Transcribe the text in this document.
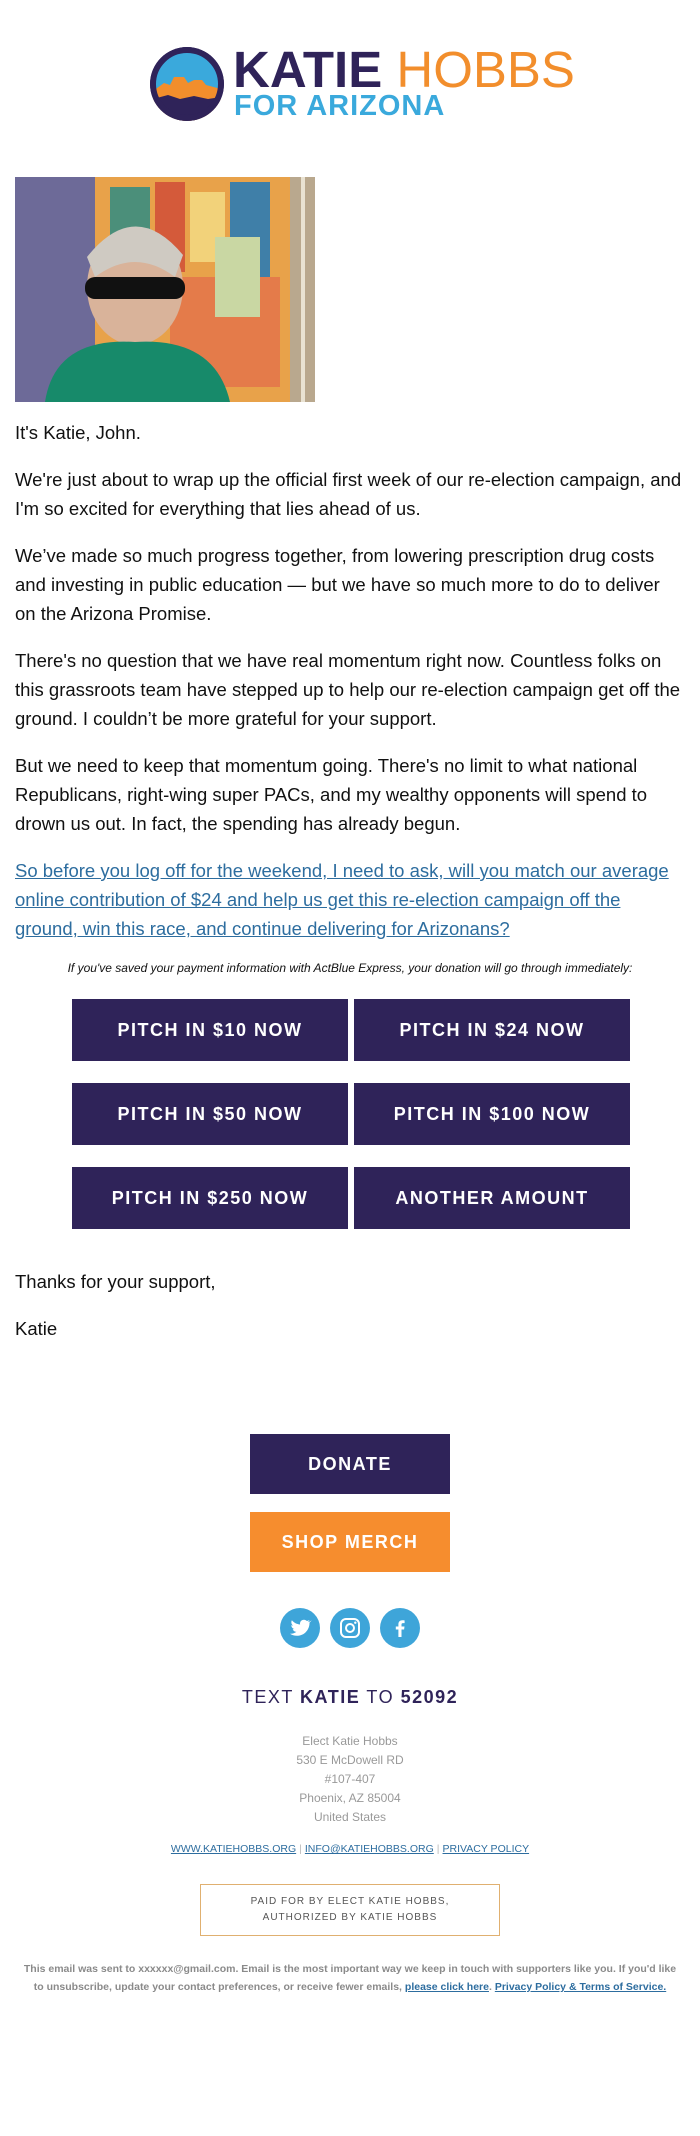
KATIE HOBBS
FOR ARIZONA

It's Katie, John.

We're just about to wrap up the official first week of our re-election campaign, and I'm so excited for everything that lies ahead of us.

We’ve made so much progress together, from lowering prescription drug costs and investing in public education — but we have so much more to do to deliver on the Arizona Promise.

There's no question that we have real momentum right now. Countless folks on this grassroots team have stepped up to help our re-election campaign get off the ground. I couldn’t be more grateful for your support.

But we need to keep that momentum going. There's no limit to what national Republicans, right-wing super PACs, and my wealthy opponents will spend to drown us out. In fact, the spending has already begun.

So before you log off for the weekend, I need to ask, will you match our average online contribution of $24 and help us get this re-election campaign off the ground, win this race, and continue delivering for Arizonans?

If you've saved your payment information with ActBlue Express, your donation will go through immediately:
PITCH IN $10 NOW	PITCH IN $24 NOW
PITCH IN $50 NOW	PITCH IN $100 NOW
PITCH IN $250 NOW	ANOTHER AMOUNT

Thanks for your support,

Katie

DONATE
SHOP MERCH
TEXT KATIE TO 52092
Elect Katie Hobbs
530 E McDowell RD
#107-407
Phoenix, AZ 85004
United States
WWW.KATIEHOBBS.ORG | INFO@KATIEHOBBS.ORG | PRIVACY POLICY
PAID FOR BY ELECT KATIE HOBBS,
AUTHORIZED BY KATIE HOBBS
This email was sent to xxxxxx@gmail.com. Email is the most important way we keep in touch with supporters like you. If you'd like to unsubscribe, update your contact preferences, or receive fewer emails, please click here. Privacy Policy & Terms of Service.
